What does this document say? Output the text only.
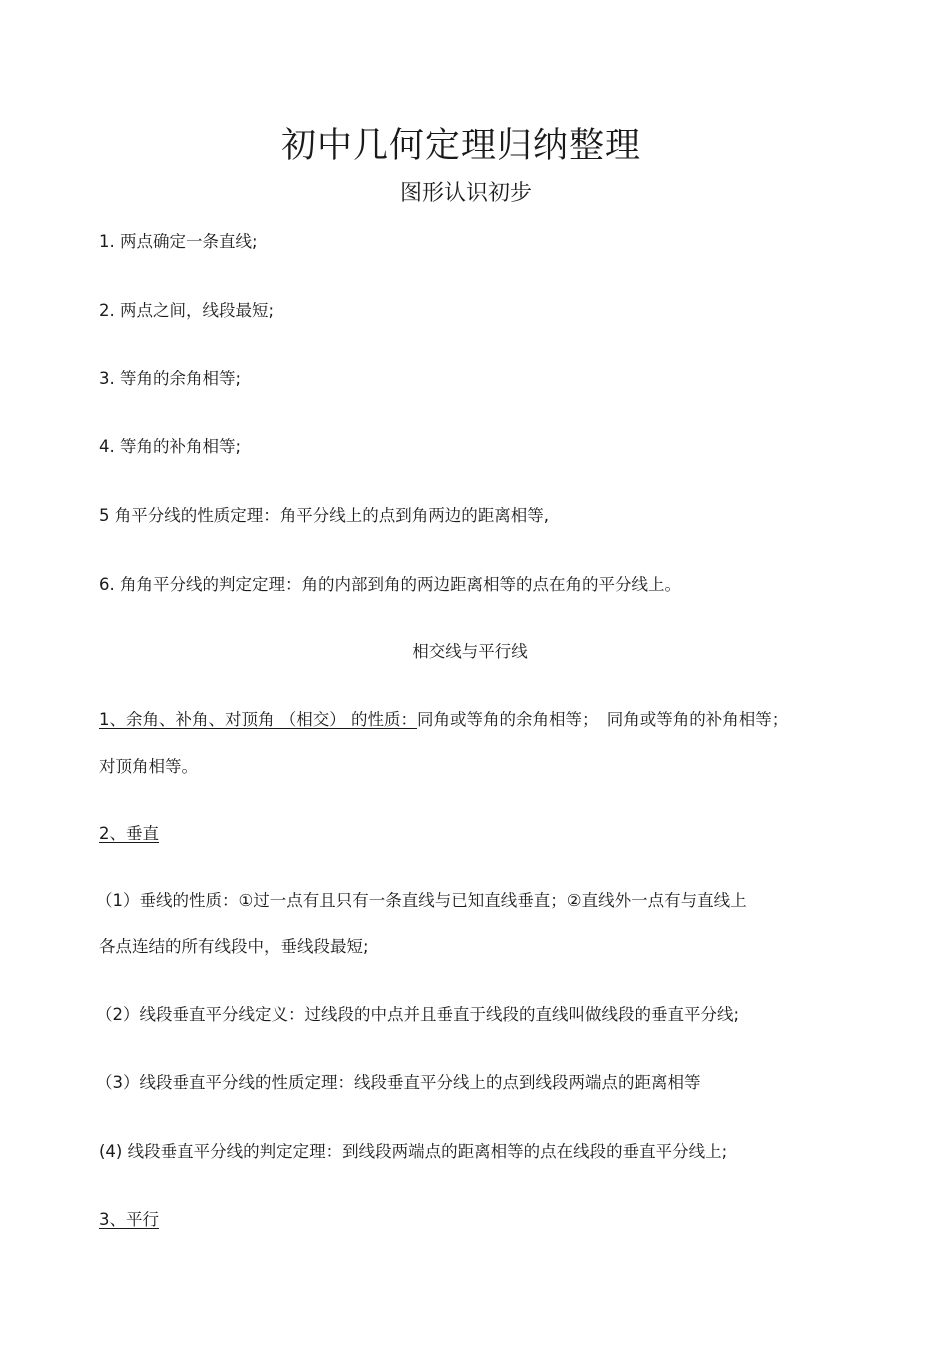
初中几何定理归纳整理
图形认识初步
1. 两点确定一条直线;
2. 两点之间，线段最短;
3. 等角的余角相等;
4. 等角的补角相等;
5 角平分线的性质定理：角平分线上的点到角两边的距离相等,
6. 角角平分线的判定定理：角的内部到角的两边距离相等的点在角的平分线上。
相交线与平行线
1、余角、补角、对顶角 （相交） 的性质：同角或等角的余角相等；　同角或等角的补角相等；
对顶角相等。
2、垂直
（1）垂线的性质：①过一点有且只有一条直线与已知直线垂直；②直线外一点有与直线上
各点连结的所有线段中，垂线段最短;
（2）线段垂直平分线定义：过线段的中点并且垂直于线段的直线叫做线段的垂直平分线;
（3）线段垂直平分线的性质定理：线段垂直平分线上的点到线段两端点的距离相等
(4) 线段垂直平分线的判定定理：到线段两端点的距离相等的点在线段的垂直平分线上;
3、平行
